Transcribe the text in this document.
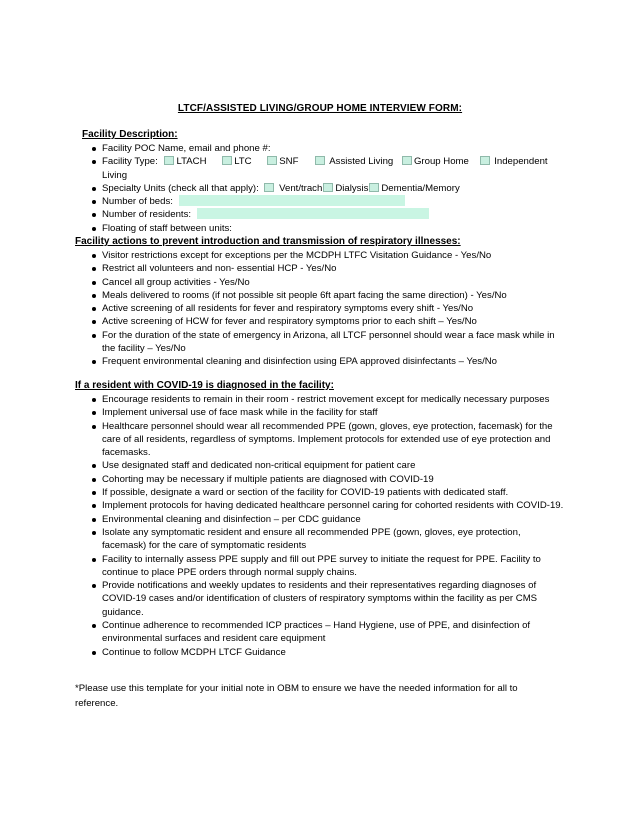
LTCF/ASSISTED LIVING/GROUP HOME INTERVIEW FORM:
Facility Description:
Facility POC Name, email and phone #:
Facility Type: LTACH	LTC	SNF	Assisted Living Group Home	Independent Living
Specialty Units (check all that apply): Vent/trach Dialysis Dementia/Memory
Number of beds:
Number of residents:
Floating of staff between units:
Facility actions to prevent introduction and transmission of respiratory illnesses:
Visitor restrictions except for exceptions per the MCDPH LTFC Visitation Guidance - Yes/No
Restrict all volunteers and non- essential HCP - Yes/No
Cancel all group activities - Yes/No
Meals delivered to rooms (if not possible sit people 6ft apart facing the same direction) - Yes/No
Active screening of all residents for fever and respiratory symptoms every shift - Yes/No
Active screening of HCW for fever and respiratory symptoms prior to each shift – Yes/No
For the duration of the state of emergency in Arizona, all LTCF personnel should wear a face mask while in the facility – Yes/No
Frequent environmental cleaning and disinfection using EPA approved disinfectants – Yes/No
If a resident with COVID-19 is diagnosed in the facility:
Encourage residents to remain in their room - restrict movement except for medically necessary purposes
Implement universal use of face mask while in the facility for staff
Healthcare personnel should wear all recommended PPE (gown, gloves, eye protection, facemask) for the care of all residents, regardless of symptoms. Implement protocols for extended use of eye protection and facemasks.
Use designated staff and dedicated non-critical equipment for patient care
Cohorting may be necessary if multiple patients are diagnosed with COVID-19
If possible, designate a ward or section of the facility for COVID-19 patients with dedicated staff.
Implement protocols for having dedicated healthcare personnel caring for cohorted residents with COVID-19.
Environmental cleaning and disinfection – per CDC guidance
Isolate any symptomatic resident and ensure all recommended PPE (gown, gloves, eye protection, facemask) for the care of symptomatic residents
Facility to internally assess PPE supply and fill out PPE survey to initiate the request for PPE. Facility to continue to place PPE orders through normal supply chains.
Provide notifications and weekly updates to residents and their representatives regarding diagnoses of COVID-19 cases and/or identification of clusters of respiratory symptoms within the facility as per CMS guidance.
Continue adherence to recommended ICP practices – Hand Hygiene, use of PPE, and disinfection of environmental surfaces and resident care equipment
Continue to follow MCDPH LTCF Guidance
*Please use this template for your initial note in OBM to ensure we have the needed information for all to reference.
